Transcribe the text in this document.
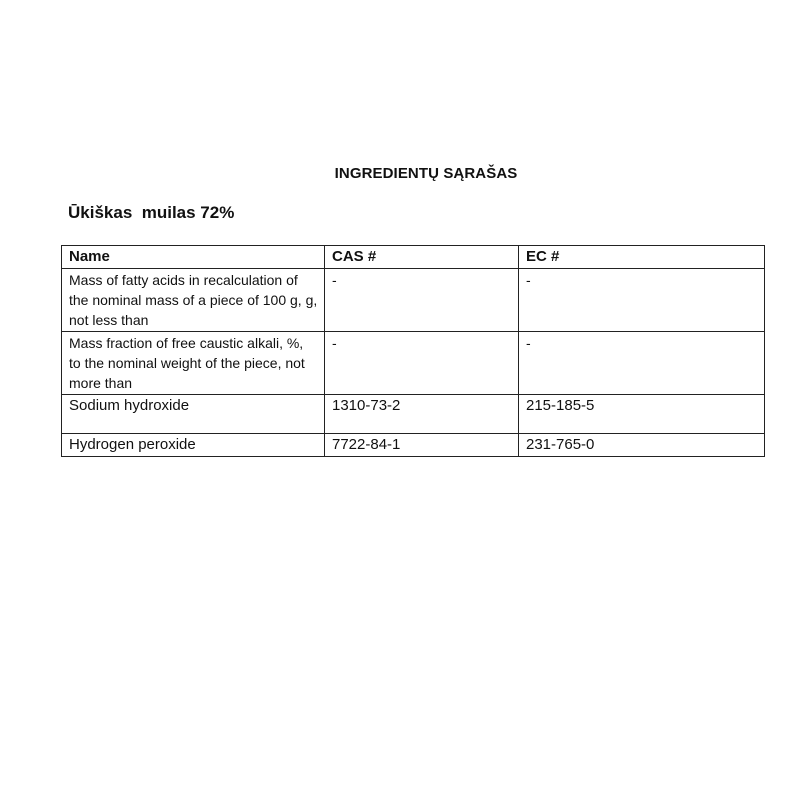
INGREDIENTŲ SĄRAŠAS
Ūkiškas  muilas 72%
Name	CAS #	EC #
Mass of fatty acids in recalculation of the nominal mass of a piece of 100 g, g, not less than	-	-
Mass fraction of free caustic alkali, %, to the nominal weight of the piece, not more than	-	-
Sodium hydroxide	1310-73-2	215-185-5
Hydrogen peroxide	7722-84-1	231-765-0
